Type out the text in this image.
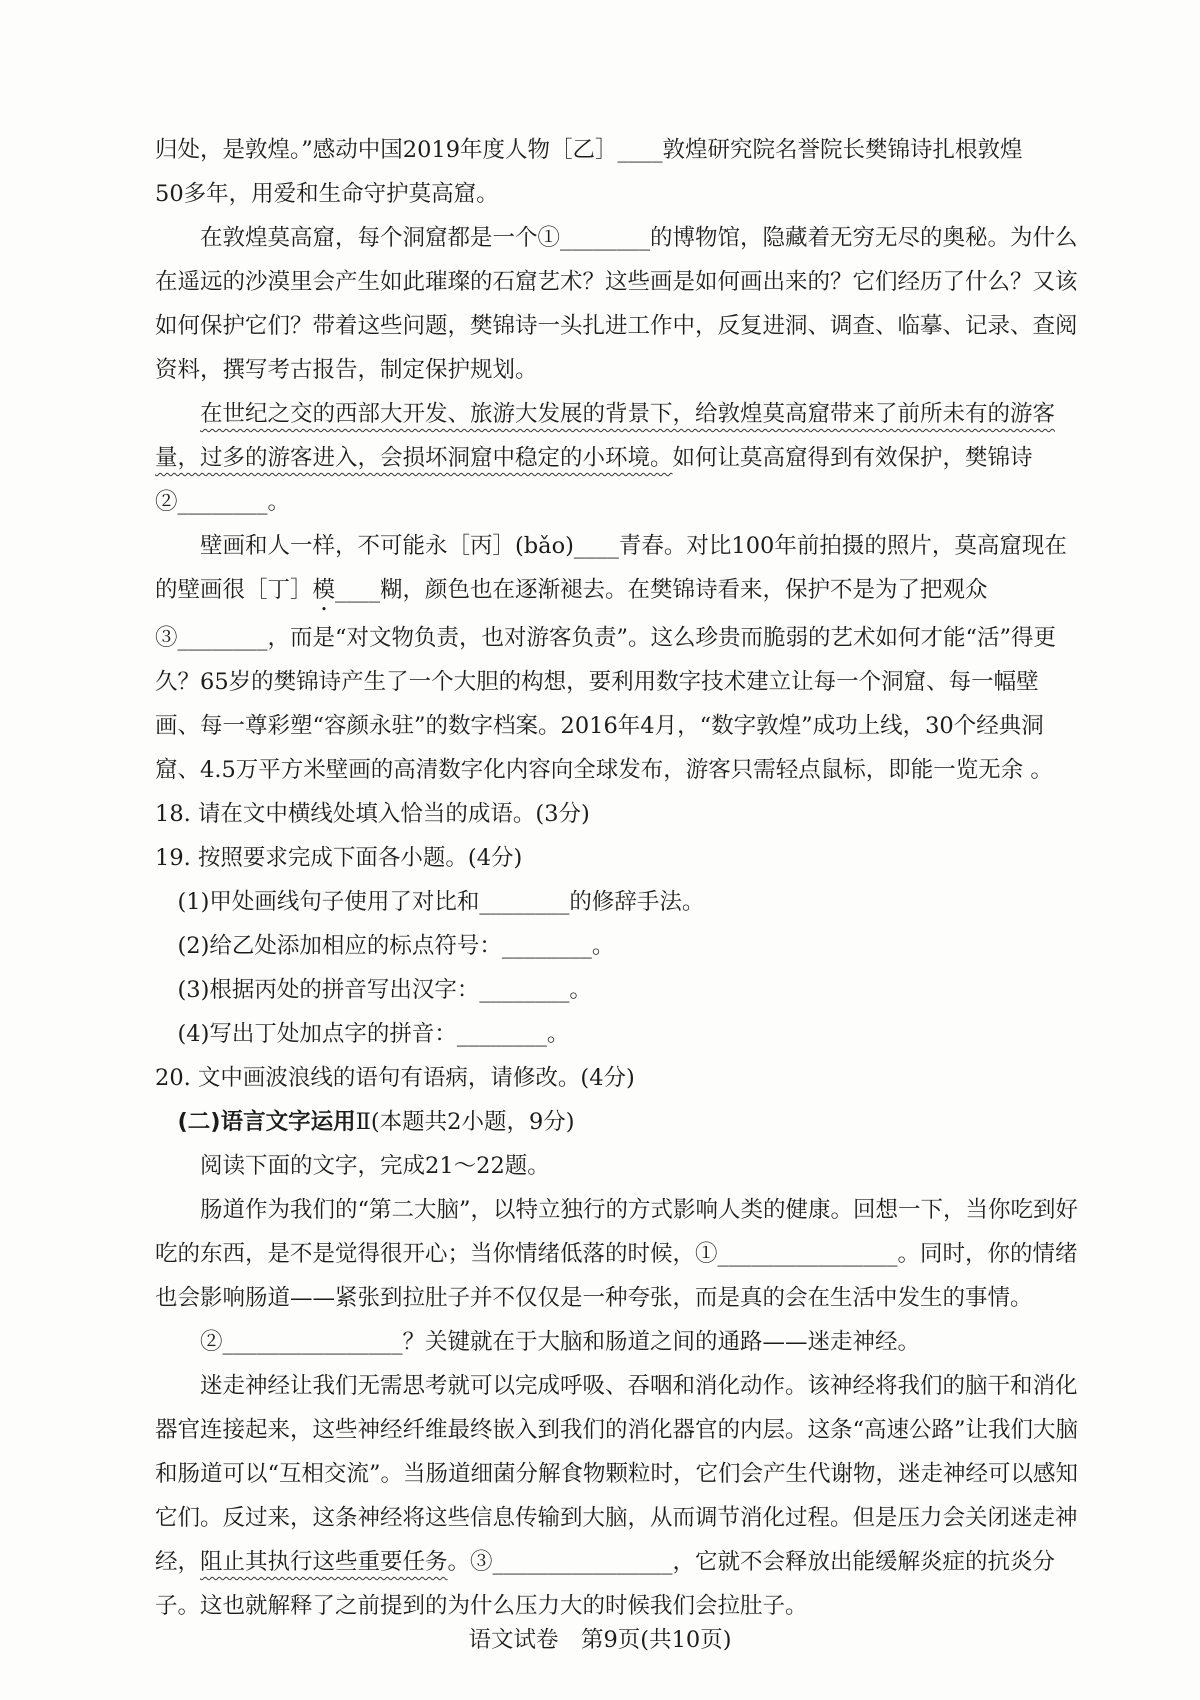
归处，是敦煌。”感动中国2019年度人物［乙］____敦煌研究院名誉院长樊锦诗扎根敦煌

50多年，用爱和生命守护莫高窟。

在敦煌莫高窟，每个洞窟都是一个①________的博物馆，隐藏着无穷无尽的奥秘。为什么在遥远的沙漠里会产生如此璀璨的石窟艺术？这些画是如何画出来的？它们经历了什么？又该如何保护它们？带着这些问题，樊锦诗一头扎进工作中，反复进洞、调查、临摹、记录、查阅资料，撰写考古报告，制定保护规划。

在世纪之交的西部大开发、旅游大发展的背景下，给敦煌莫高窟带来了前所未有的游客量，过多的游客进入，会损坏洞窟中稳定的小环境。如何让莫高窟得到有效保护，樊锦诗②________。

壁画和人一样，不可能永［丙］(bǎo)____青春。对比100年前拍摄的照片，莫高窟现在的壁画很［丁］模____糊，颜色也在逐渐褪去。在樊锦诗看来，保护不是为了把观众③________，而是“对文物负责，也对游客负责”。这么珍贵而脆弱的艺术如何才能“活”得更久？65岁的樊锦诗产生了一个大胆的构想，要利用数字技术建立让每一个洞窟、每一幅壁画、每一尊彩塑“容颜永驻”的数字档案。2016年4月，“数字敦煌”成功上线，30个经典洞窟、4.5万平方米壁画的高清数字化内容向全球发布，游客只需轻点鼠标，即能一览无余 。

18. 请在文中横线处填入恰当的成语。(3分)

19. 按照要求完成下面各小题。(4分)

(1)甲处画线句子使用了对比和________的修辞手法。

(2)给乙处添加相应的标点符号：________。

(3)根据丙处的拼音写出汉字：________。

(4)写出丁处加点字的拼音：________。

20. 文中画波浪线的语句有语病，请修改。(4分)

(二)语言文字运用Ⅱ(本题共2小题，9分)

阅读下面的文字，完成21～22题。

肠道作为我们的“第二大脑”，以特立独行的方式影响人类的健康。回想一下，当你吃到好吃的东西，是不是觉得很开心；当你情绪低落的时候，①________________。同时，你的情绪也会影响肠道——紧张到拉肚子并不仅仅是一种夸张，而是真的会在生活中发生的事情。

②________________？关键就在于大脑和肠道之间的通路——迷走神经。

迷走神经让我们无需思考就可以完成呼吸、吞咽和消化动作。该神经将我们的脑干和消化器官连接起来，这些神经纤维最终嵌入到我们的消化器官的内层。这条“高速公路”让我们大脑和肠道可以“互相交流”。当肠道细菌分解食物颗粒时，它们会产生代谢物，迷走神经可以感知它们。反过来，这条神经将这些信息传输到大脑，从而调节消化过程。但是压力会关闭迷走神经，阻止其执行这些重要任务。③________________，它就不会释放出能缓解炎症的抗炎分子。这也就解释了之前提到的为什么压力大的时候我们会拉肚子。

语文试卷　第9页(共10页)
